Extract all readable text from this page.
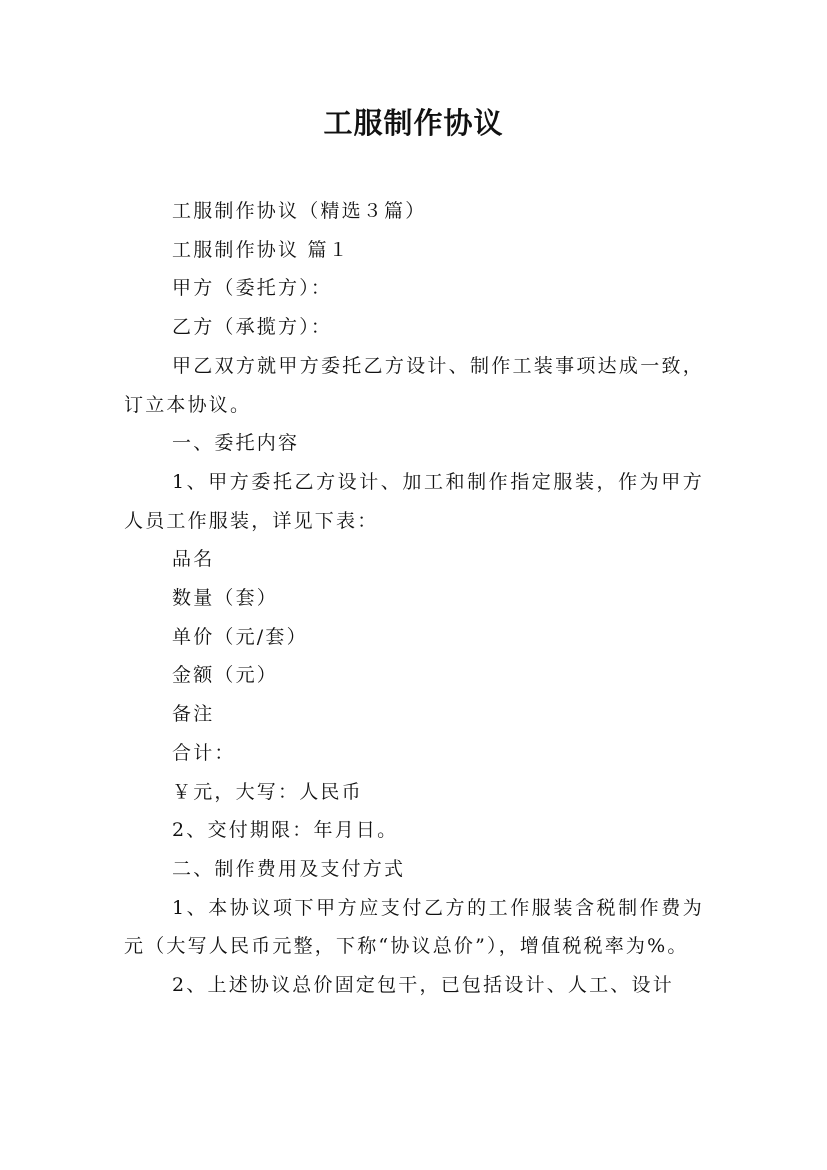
工服制作协议

工服制作协议（精选３篇）

工服制作协议 篇１

甲方（委托方）：

乙方（承揽方）：

甲乙双方就甲方委托乙方设计、制作工装事项达成一致，订立本协议。

一、委托内容

1、甲方委托乙方设计、加工和制作指定服装，作为甲方人员工作服装，详见下表：

品名

数量（套）

单价（元/套）

金额（元）

备注

合计：

￥元，大写：人民币

2、交付期限：年月日。

二、制作费用及支付方式

1、本协议项下甲方应支付乙方的工作服装含税制作费为元（大写人民币元整，下称“协议总价”），增值税税率为%。

2、上述协议总价固定包干，已包括设计、人工、设计
